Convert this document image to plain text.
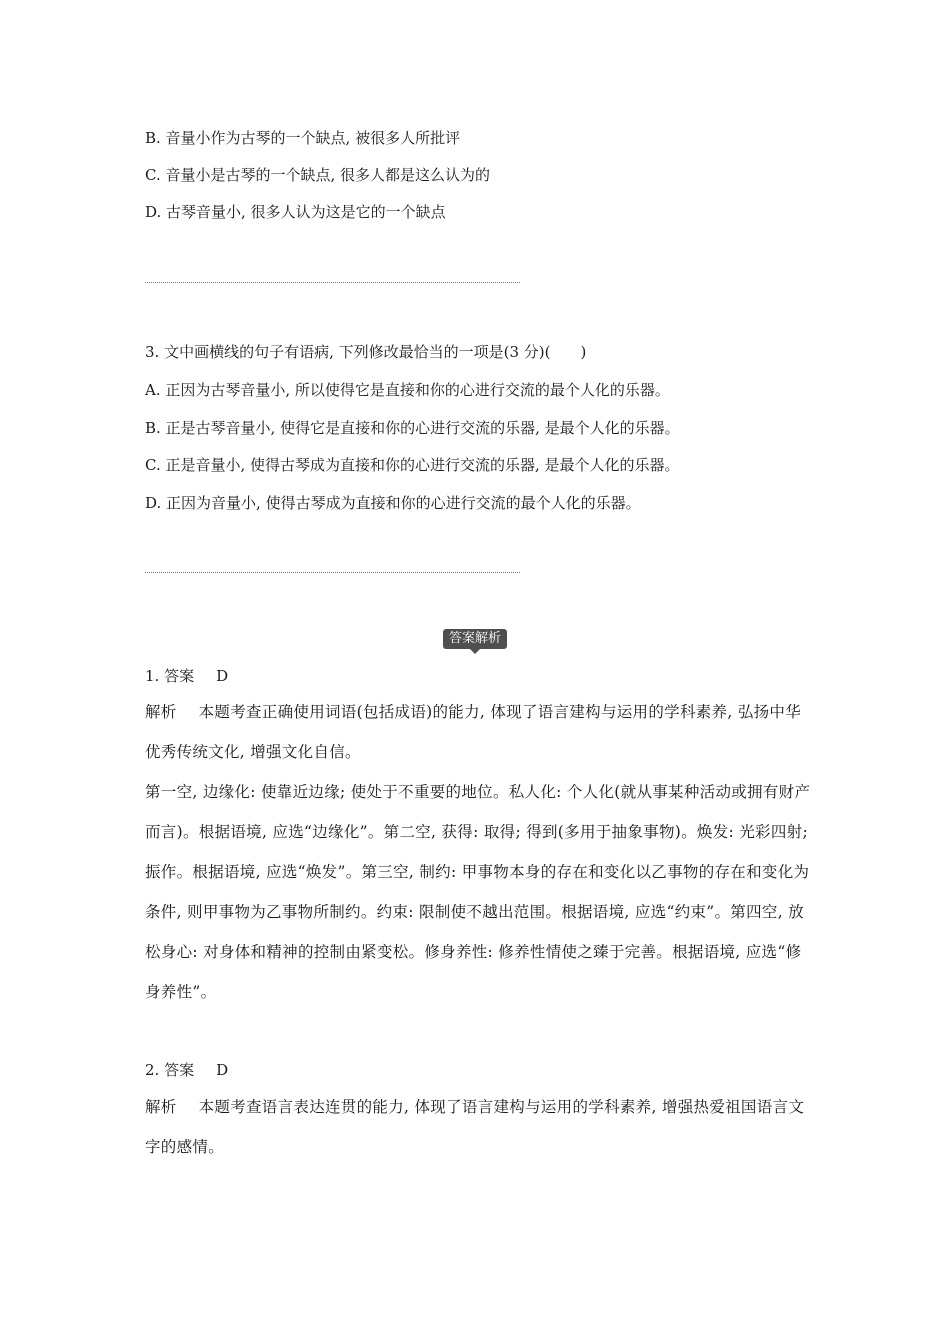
B. 音量小作为古琴的一个缺点, 被很多人所批评
C. 音量小是古琴的一个缺点, 很多人都是这么认为的
D. 古琴音量小, 很多人认为这是它的一个缺点
3. 文中画横线的句子有语病, 下列修改最恰当的一项是(3 分)(　　)
A. 正因为古琴音量小, 所以使得它是直接和你的心进行交流的最个人化的乐器。
B. 正是古琴音量小, 使得它是直接和你的心进行交流的乐器, 是最个人化的乐器。
C. 正是音量小, 使得古琴成为直接和你的心进行交流的乐器, 是最个人化的乐器。
D. 正因为音量小, 使得古琴成为直接和你的心进行交流的最个人化的乐器。
答案解析
1. 答案 D
解析 本题考查正确使用词语(包括成语)的能力, 体现了语言建构与运用的学科素养, 弘扬中华优秀传统文化, 增强文化自信。
第一空, 边缘化: 使靠近边缘; 使处于不重要的地位。私人化: 个人化(就从事某种活动或拥有财产而言)。根据语境, 应选“边缘化”。第二空, 获得: 取得; 得到(多用于抽象事物)。焕发: 光彩四射; 振作。根据语境, 应选“焕发”。第三空, 制约: 甲事物本身的存在和变化以乙事物的存在和变化为条件, 则甲事物为乙事物所制约。约束: 限制使不越出范围。根据语境, 应选“约束”。第四空, 放松身心: 对身体和精神的控制由紧变松。修身养性: 修养性情使之臻于完善。根据语境, 应选“修身养性”。
2. 答案 D
解析 本题考查语言表达连贯的能力, 体现了语言建构与运用的学科素养, 增强热爱祖国语言文字的感情。
